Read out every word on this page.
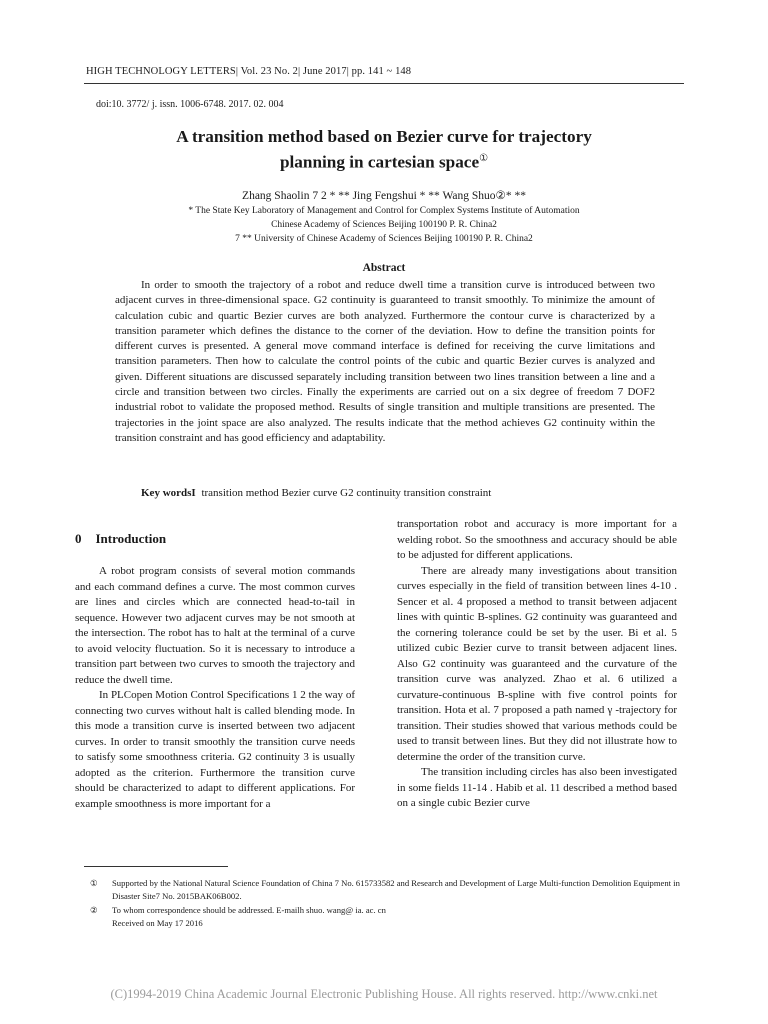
HIGH TECHNOLOGY LETTERS| Vol. 23 No. 2| June 2017| pp. 141 ~ 148
doi:10. 3772/ j. issn. 1006-6748. 2017. 02. 004
A transition method based on Bezier curve for trajectory
planning in cartesian space①
Zhang Shaolin 7 2 * ** Jing Fengshui * ** Wang Shuo②* **
* The State Key Laboratory of Management and Control for Complex Systems Institute of Automation
Chinese Academy of Sciences Beijing 100190 P. R. China2
7 ** University of Chinese Academy of Sciences Beijing 100190 P. R. China2
Abstract

In order to smooth the trajectory of a robot and reduce dwell time a transition curve is introduced between two adjacent curves in three-dimensional space. G2 continuity is guaranteed to transit smoothly. To minimize the amount of calculation cubic and quartic Bezier curves are both analyzed. Furthermore the contour curve is characterized by a transition parameter which defines the distance to the corner of the deviation. How to define the transition points for different curves is presented. A general move command interface is defined for receiving the curve limitations and transition parameters. Then how to calculate the control points of the cubic and quartic Bezier curves is analyzed and given. Different situations are discussed separately including transition between two lines transition between a line and a circle and transition between two circles. Finally the experiments are carried out on a six degree of freedom 7 DOF2 industrial robot to validate the proposed method. Results of single transition and multiple transitions are presented. The trajectories in the joint space are also analyzed. The results indicate that the method achieves G2 continuity within the transition constraint and has good efficiency and adaptability.

Key wordsI transition method Bezier curve G2 continuity transition constraint
0 Introduction

A robot program consists of several motion commands and each command defines a curve. The most common curves are lines and circles which are connected head-to-tail in sequence. However two adjacent curves may be not smooth at the intersection. The robot has to halt at the terminal of a curve to avoid velocity fluctuation. So it is necessary to introduce a transition part between two curves to smooth the trajectory and reduce the dwell time.

In PLCopen Motion Control Specifications 1 2 the way of connecting two curves without halt is called blending mode. In this mode a transition curve is inserted between two adjacent curves. In order to transit smoothly the transition curve needs to satisfy some smoothness criteria. G2 continuity 3 is usually adopted as the criterion. Furthermore the transition curve should be characterized to adapt to different applications. For example smoothness is more important for a

transportation robot and accuracy is more important for a welding robot. So the smoothness and accuracy should be able to be adjusted for different applications.

There are already many investigations about transition curves especially in the field of transition between lines 4-10 . Sencer et al. 4 proposed a method to transit between adjacent lines with quintic B-splines. G2 continuity was guaranteed and the cornering tolerance could be set by the user. Bi et al. 5 utilized cubic Bezier curve to transit between adjacent lines. Also G2 continuity was guaranteed and the curvature of the transition curve was analyzed. Zhao et al. 6 utilized a curvature-continuous B-spline with five control points for transition. Hota et al. 7 proposed a path named γ -trajectory for transition. Their studies showed that various methods could be used to transit between lines. But they did not illustrate how to determine the order of the transition curve.

The transition including circles has also been investigated in some fields 11-14 . Habib et al. 11 described a method based on a single cubic Bezier curve

① Supported by the National Natural Science Foundation of China 7 No. 615733582 and Research and Development of Large Multi-function Demolition Equipment in Disaster Site7 No. 2015BAK06B002.
② To whom correspondence should be addressed. E-mailh shuo. wang@ ia. ac. cn
Received on May 17 2016
(C)1994-2019 China Academic Journal Electronic Publishing House. All rights reserved. http://www.cnki.net
